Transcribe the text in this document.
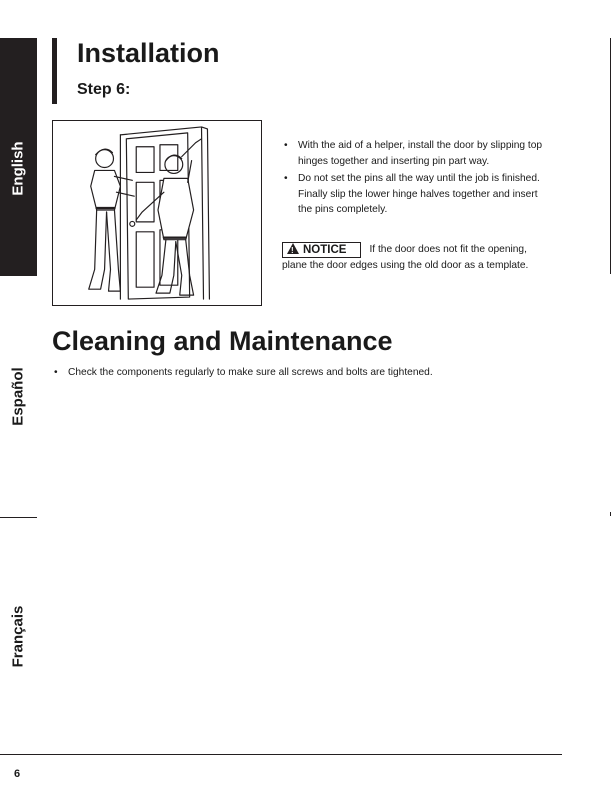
English
Español
Français
Installation
Step 6:
• With the aid of a helper, install the door by slipping top hinges together and inserting pin part way.
• Do not set the pins all the way until the job is finished. Finally slip the lower hinge halves together and insert the pins completely.
!NOTICE If the door does not fit the opening, plane the door edges using the old door as a template.
Cleaning and Maintenance
• Check the components regularly to make sure all screws and bolts are tightened.
6
